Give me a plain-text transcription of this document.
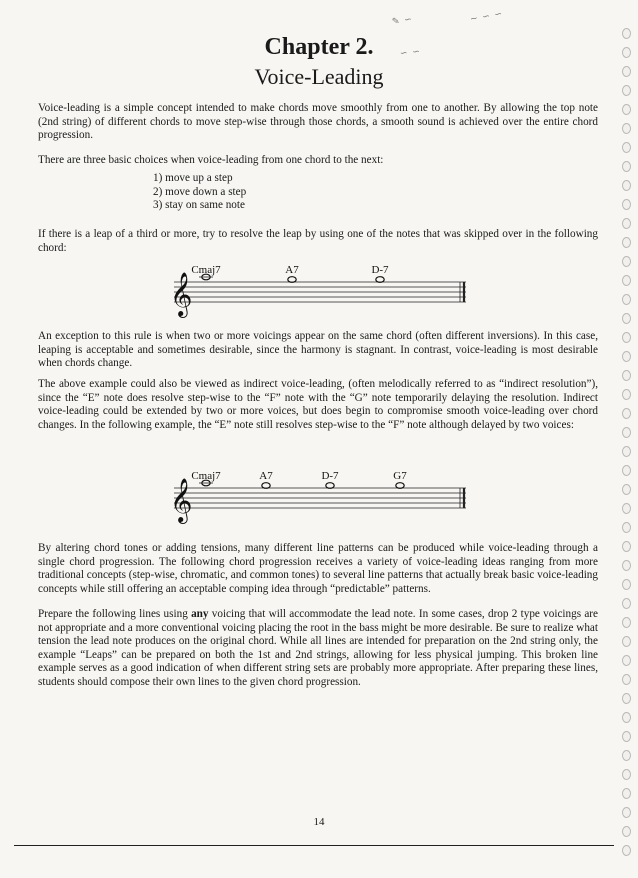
✎ ∽	~ ∽ ∽
∽ ∽
Chapter 2.
Voice-Leading

Voice-leading is a simple concept intended to make chords move smoothly from one to another. By allowing the top note (2nd string) of different chords to move step-wise through those chords, a smooth sound is achieved over the entire chord progression.

There are three basic choices when voice-leading from one chord to the next:

1) move up a step
2) move down a step
3) stay on same note

If there is a leap of a third or more, try to resolve the leap by using one of the notes that was skipped over in the following chord:

𝄞
Cmaj7	A7	D-7

An exception to this rule is when two or more voicings appear on the same chord (often different inversions). In this case, leaping is acceptable and sometimes desirable, since the harmony is stagnant. In contrast, voice-leading is most desirable when chords change.

The above example could also be viewed as indirect voice-leading, (often melodically referred to as “indirect resolution”), since the “E” note does resolve step-wise to the “F” note with the “G” note temporarily delaying the resolution. Indirect voice-leading could be extended by two or more voices, but does begin to compromise smooth voice-leading over chord changes. In the following example, the “E” note still resolves step-wise to the “F” note although delayed by two voices:

𝄞
Cmaj7	A7	D-7	G7

By altering chord tones or adding tensions, many different line patterns can be produced while voice-leading through a single chord progression. The following chord progression receives a variety of voice-leading ideas ranging from more traditional concepts (step-wise, chromatic, and common tones) to several line patterns that actually break basic voice-leading concepts while still offering an acceptable comping idea through “predictable” patterns.

Prepare the following lines using any voicing that will accommodate the lead note. In some cases, drop 2 type voicings are not appropriate and a more conventional voicing placing the root in the bass might be more desirable. Be sure to realize what tension the lead note produces on the original chord. While all lines are intended for preparation on the 2nd string only, the example “Leaps” can be prepared on both the 1st and 2nd strings, allowing for less physical jumping. This broken line example serves as a good indication of when different string sets are probably more appropriate. After preparing these lines, students should compose their own lines to the given chord progression.

14
